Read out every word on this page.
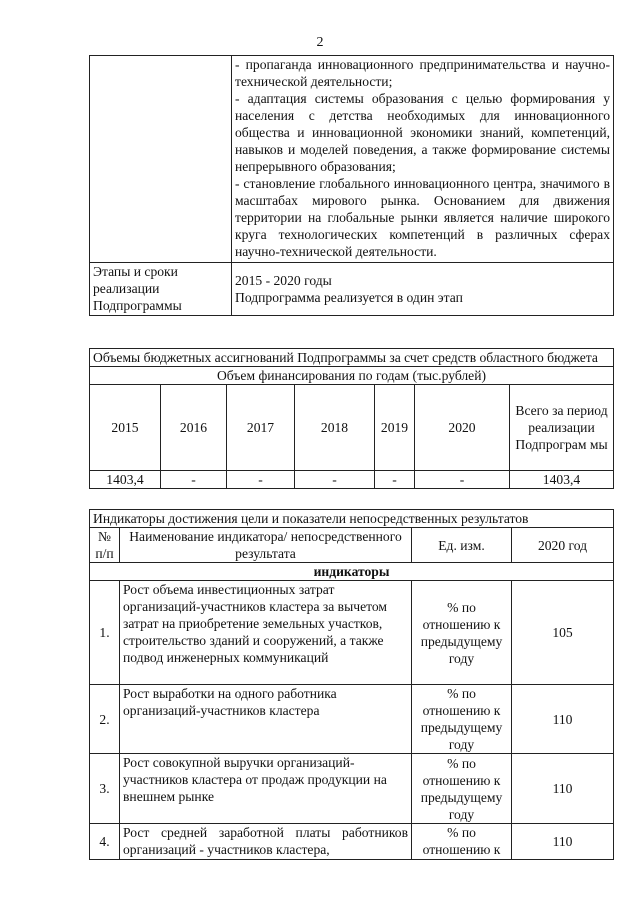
2

	- пропаганда инновационного предпринимательства и научно-технической деятельности;
- адаптация системы образования с целью формирования у населения с детства необходимых для инновационного общества и инновационной экономики знаний, компетенций, навыков и моделей поведения, а также формирование системы непрерывного образования;
- становление глобального инновационного центра, значимого в масштабах мирового рынка. Основанием для движения территории на глобальные рынки является наличие широкого круга технологических компетенций в различных сферах научно-технической деятельности.

Этапы и сроки реализации Подпрограммы	2015 - 2020 годы
Подпрограмма реализуется в один этап
Объемы бюджетных ассигнований Подпрограммы за счет средств областного бюджета						
Объем финансирования по годам (тыс.рублей)						
2015	2016	2017	2018	2019	2020	Всего за период реализации Подпрограм мы
1403,4	-	-	-	-	-	1403,4
Индикаторы достижения цели и показатели непосредственных результатов			
№ п/п	Наименование индикатора/ непосредственного результата	Ед. изм.	2020 год
индикаторы			
1.	Рост объема инвестиционных затрат организаций-участников кластера за вычетом затрат на приобретение земельных участков, строительство зданий и сооружений, а также подвод инженерных коммуникаций	% по отношению к предыдущему году	105
2.	Рост выработки на одного работника организаций-участников кластера	% по отношению к предыдущему году	110
3.	Рост совокупной выручки организаций-участников кластера от продаж продукции на внешнем рынке	% по отношению к предыдущему году	110
4.	Рост средней заработной платы работников организаций - участников кластера,	% по отношению к	110
